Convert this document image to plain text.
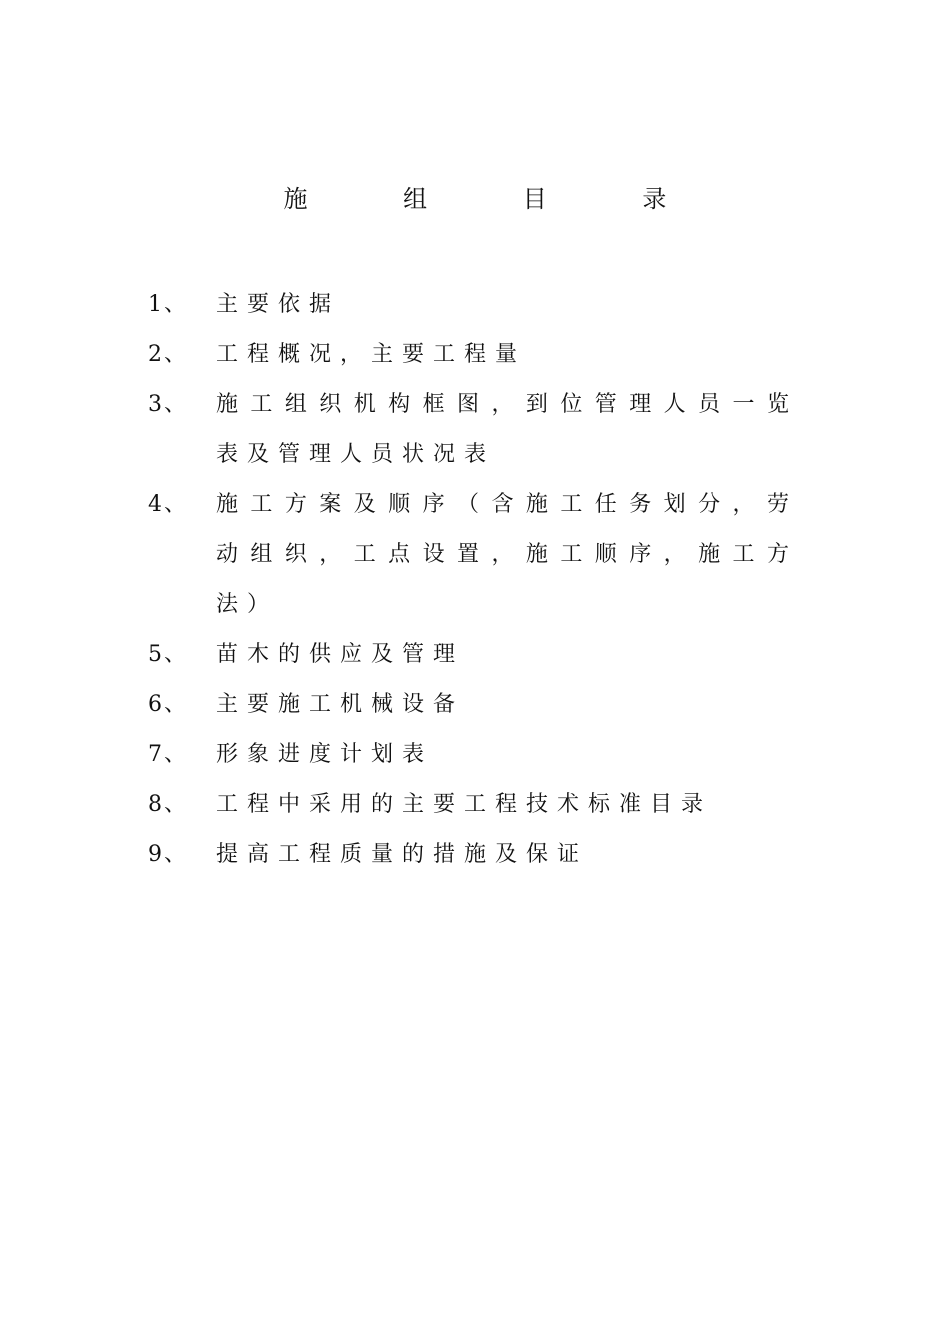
施 组 目 录
1、	主要依据
2、	工程概况，主要工程量
3、	施工组织机构框图，到位管理人员一览
表及管理人员状况表
4、	施工方案及顺序（含施工任务划分，劳
动组织，工点设置，施工顺序，施工方
法）
5、	苗木的供应及管理
6、	主要施工机械设备
7、	形象进度计划表
8、	工程中采用的主要工程技术标准目录
9、	提高工程质量的措施及保证
